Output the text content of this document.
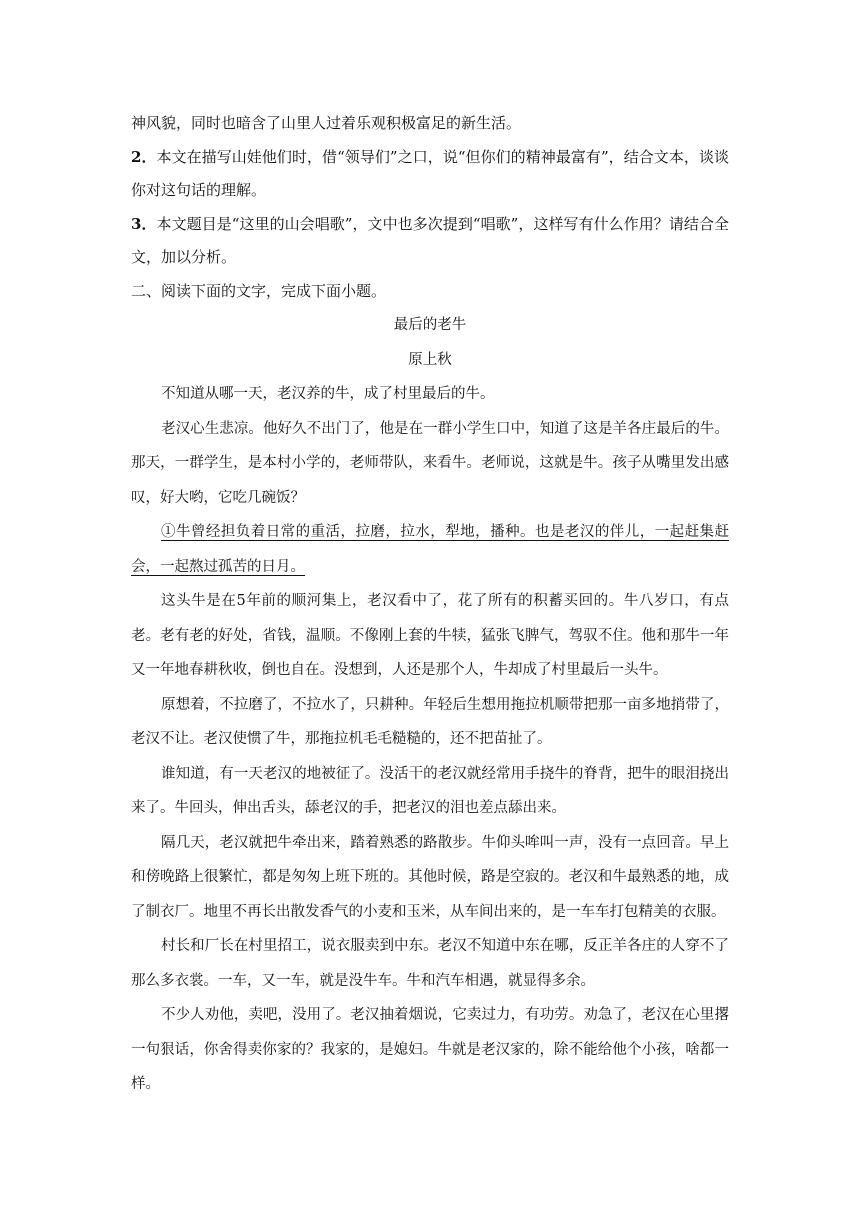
神风貌，同时也暗含了山里人过着乐观积极富足的新生活。

2．本文在描写山娃他们时，借“领导们”之口，说“但你们的精神最富有”，结合文本，谈谈你对这句话的理解。

3．本文题目是“这里的山会唱歌”，文中也多次提到“唱歌”，这样写有什么作用？请结合全文，加以分析。

二、阅读下面的文字，完成下面小题。

最后的老牛

原上秋

不知道从哪一天，老汉养的牛，成了村里最后的牛。

老汉心生悲凉。他好久不出门了，他是在一群小学生口中，知道了这是羊各庄最后的牛。那天，一群学生，是本村小学的，老师带队，来看牛。老师说，这就是牛。孩子从嘴里发出感叹，好大哟，它吃几碗饭？

①牛曾经担负着日常的重活，拉磨，拉水，犁地，播种。也是老汉的伴儿，一起赶集赶会，一起熬过孤苦的日月。

这头牛是在5年前的顺河集上，老汉看中了，花了所有的积蓄买回的。牛八岁口，有点老。老有老的好处，省钱，温顺。不像刚上套的牛犊，猛张飞脾气，驾驭不住。他和那牛一年又一年地春耕秋收，倒也自在。没想到，人还是那个人，牛却成了村里最后一头牛。

原想着，不拉磨了，不拉水了，只耕种。年轻后生想用拖拉机顺带把那一亩多地捎带了，老汉不让。老汉使惯了牛，那拖拉机毛毛糙糙的，还不把苗扯了。

谁知道，有一天老汉的地被征了。没活干的老汉就经常用手挠牛的脊背，把牛的眼泪挠出来了。牛回头，伸出舌头，舔老汉的手，把老汉的泪也差点舔出来。

隔几天，老汉就把牛牵出来，踏着熟悉的路散步。牛仰头哞叫一声，没有一点回音。早上和傍晚路上很繁忙，都是匆匆上班下班的。其他时候，路是空寂的。老汉和牛最熟悉的地，成了制衣厂。地里不再长出散发香气的小麦和玉米，从车间出来的，是一车车打包精美的衣服。

村长和厂长在村里招工，说衣服卖到中东。老汉不知道中东在哪，反正羊各庄的人穿不了那么多衣裳。一车，又一车，就是没牛车。牛和汽车相遇，就显得多余。

不少人劝他，卖吧，没用了。老汉抽着烟说，它卖过力，有功劳。劝急了，老汉在心里撂一句狠话，你舍得卖你家的？我家的，是媳妇。牛就是老汉家的，除不能给他个小孩，啥都一样。
